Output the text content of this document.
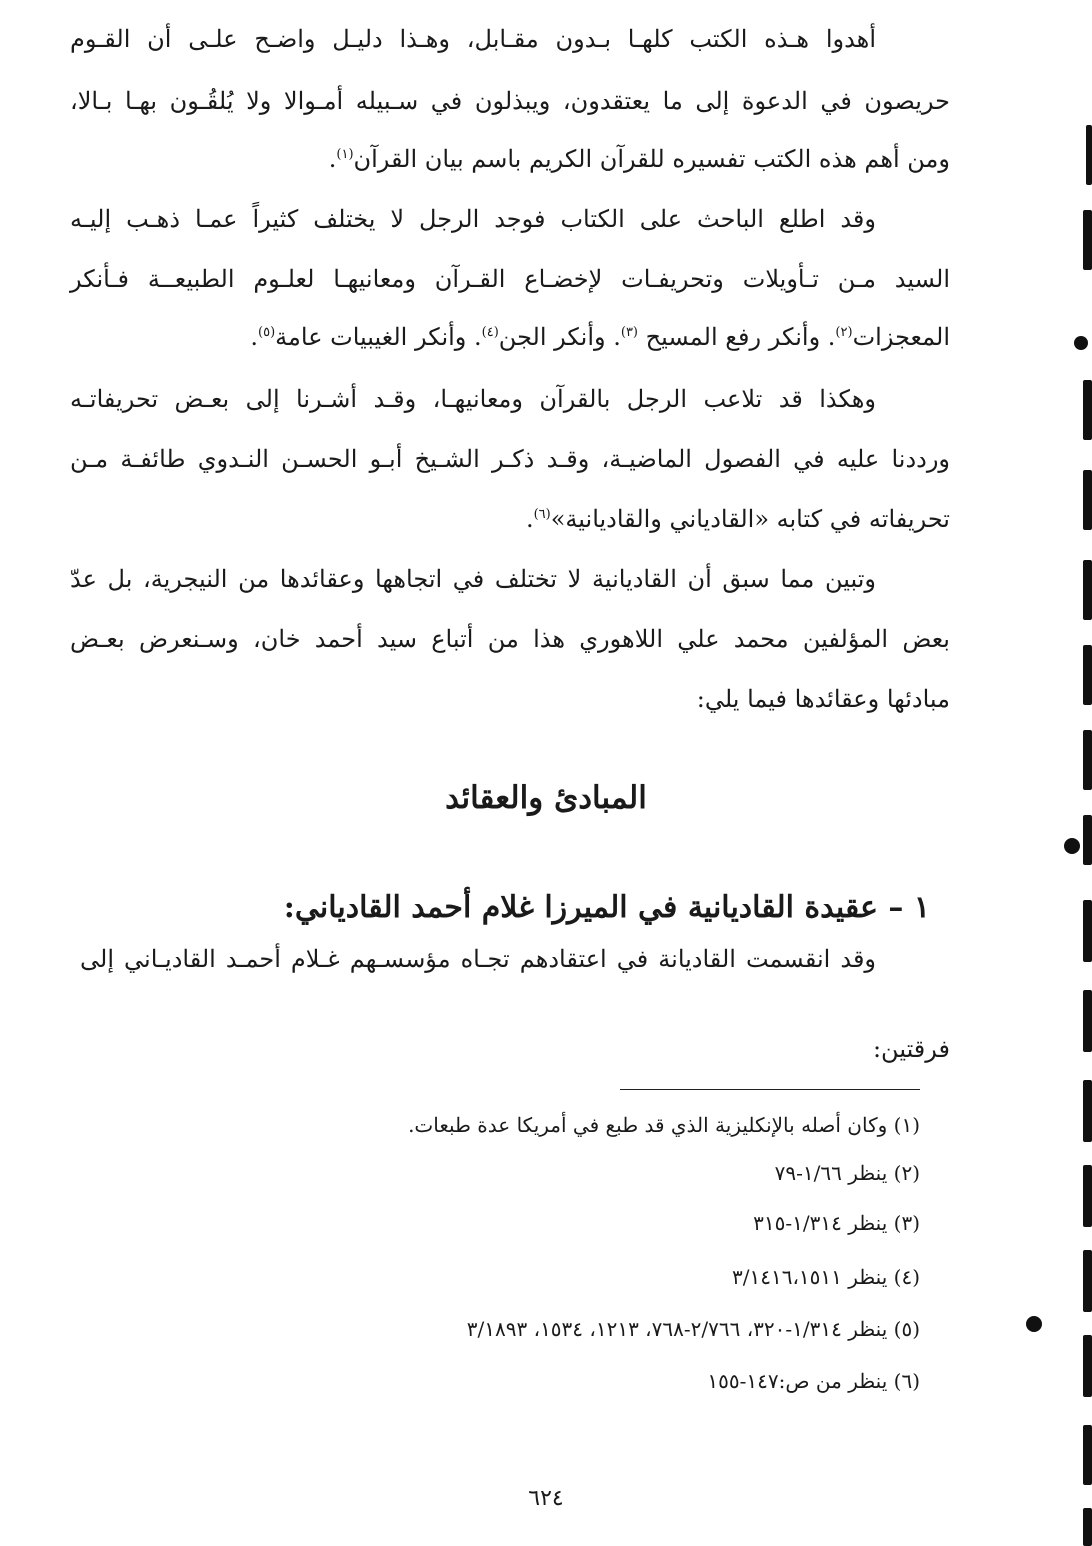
أهدوا هـذه الكتب كلهـا بـدون مقـابل، وهـذا دليـل واضـح علـى أن القـوم
حريصون في الدعوة إلى ما يعتقدون، ويبذلون في سـبيله أمـوالا ولا يُلقُـون بهـا بـالا،
ومن أهم هذه الكتب تفسيره للقرآن الكريم باسم بيان القرآن$^{(١)}$.
وقد اطلع الباحث على الكتاب فوجد الرجل لا يختلف كثيراً عمـا ذهـب إليـه
السيد مـن تـأويلات وتحريفـات لإخضـاع القـرآن ومعانيهـا لعلـوم الطبيعــة فـأنكر
المعجزات$^{(٢)}$. وأنكر رفع المسيح $^{(٣)}$. وأنكر الجن$^{(٤)}$. وأنكر الغيبيات عامة$^{(٥)}$.
وهكذا قد تلاعب الرجل بالقرآن ومعانيهـا، وقـد أشـرنا إلى بعـض تحريفاتـه
ورددنا عليه في الفصول الماضيـة، وقـد ذكـر الشـيخ أبـو الحسـن النـدوي طائفـة مـن
تحريفاته في كتابه «القادياني والقاديانية»$^{(٦)}$.
وتبين مما سبق أن القاديانية لا تختلف في اتجاهها وعقائدها من النيجرية، بل عدّ
بعض المؤلفين محمد علي اللاهوري هذا من أتباع سيد أحمد خان، وسـنعرض بعـض
مبادئها وعقائدها فيما يلي:
المبادئ والعقائد
١ – عقيدة القاديانية في الميرزا غلام أحمد القادياني:
وقد انقسمت القاديانة في اعتقادهم تجـاه مؤسسـهم غـلام أحمـد القاديـاني إلى
فرقتين:
(١) وكان أصله بالإنكليزية الذي قد طبع في أمريكا عدة طبعات.
(٢) ينظر ١/٦٦-٧٩
(٣) ينظر ١/٣١٤-٣١٥
(٤) ينظر ٣/١٤١٦،١٥١١
(٥) ينظر ١/٣١٤-٣٢٠، ٢/٧٦٦-٧٦٨، ١٢١٣، ١٥٣٤، ٣/١٨٩٣
(٦) ينظر من ص:١٤٧-١٥٥
٦٢٤
